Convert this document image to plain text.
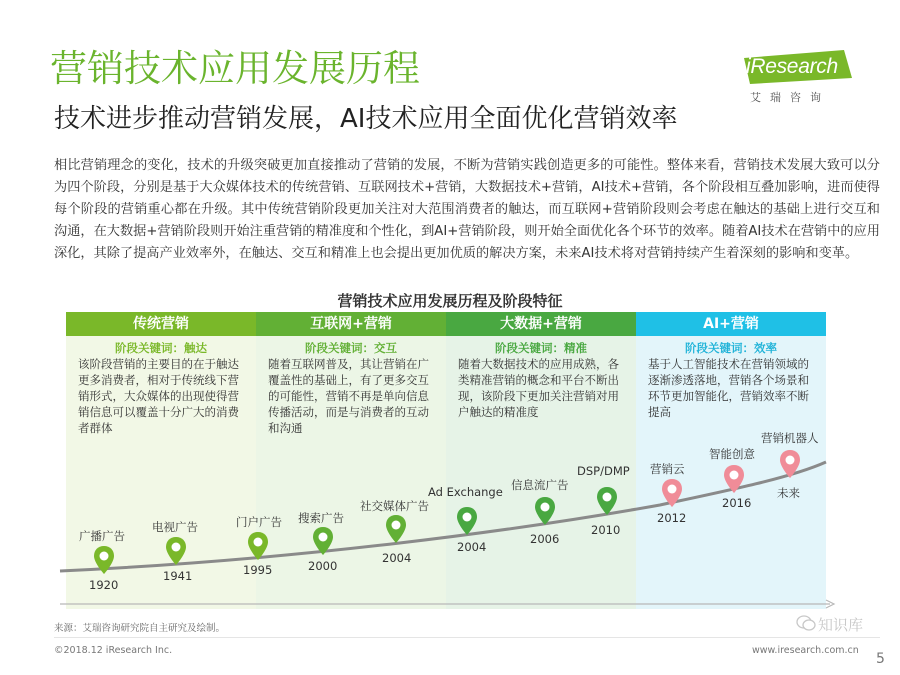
营销技术应用发展历程
技术进步推动营销发展，AI技术应用全面优化营销效率
iResearch
艾瑞咨询
相比营销理念的变化，技术的升级突破更加直接推动了营销的发展，不断为营销实践创造更多的可能性。整体来看，营销技术发展大致可以分为四个阶段，分别是基于大众媒体技术的传统营销、互联网技术+营销，大数据技术+营销，AI技术+营销，各个阶段相互叠加影响，进而使得每个阶段的营销重心都在升级。其中传统营销阶段更加关注对大范围消费者的触达，而互联网+营销阶段则会考虑在触达的基础上进行交互和沟通，在大数据+营销阶段则开始注重营销的精准度和个性化，到AI+营销阶段，则开始全面优化各个环节的效率。随着AI技术在营销中的应用深化，其除了提高产业效率外，在触达、交互和精准上也会提出更加优质的解决方案，未来AI技术将对营销持续产生着深刻的影响和变革。
营销技术应用发展历程及阶段特征
传统营销
阶段关键词：触达
该阶段营销的主要目的在于触达更多消费者，相对于传统线下营销形式，大众媒体的出现使得营销信息可以覆盖十分广大的消费者群体
互联网+营销
阶段关键词：交互
随着互联网普及，其让营销在广覆盖性的基础上，有了更多交互的可能性，营销不再是单向信息传播活动，而是与消费者的互动和沟通
大数据+营销
阶段关键词：精准
随着大数据技术的应用成熟，各类精准营销的概念和平台不断出现，该阶段下更加关注营销对用户触达的精准度
AI+营销
阶段关键词：效率
基于人工智能技术在营销领域的逐渐渗透落地，营销各个场景和环节更加智能化，营销效率不断提高
广播广告
1920
电视广告
1941
门户广告
1995
搜索广告
2000
社交媒体广告
2004
Ad Exchange
2004
信息流广告
2006
DSP/DMP
2010
营销云
2012
智能创意
2016
营销机器人
未来
来源：艾瑞咨询研究院自主研究及绘制。
©2018.12 iResearch Inc.	www.iresearch.com.cn
知识库
5
